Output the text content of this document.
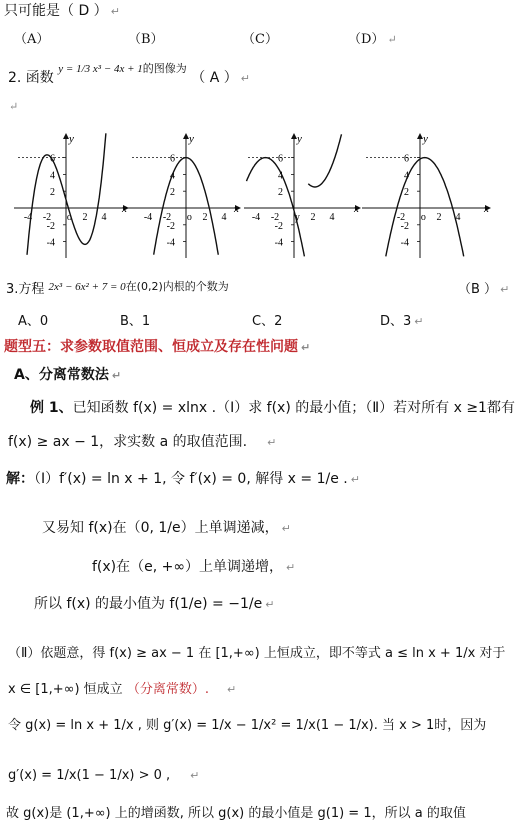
只可能是（ D ） ↵
（A）	（B）	（C）	（D） ↵
2. 函数 $^{y = 1/3 x^3 - 4x + 1的图像为}$ （ A ） ↵
↵
x
y
6
4
2
-2
-4
-4 -2 o 2 4
x
y
6
4
2
-2
-4
-4 -2 o 2 4
x
y
6
4
2
-2
-4
-4 -2 y 2 4
x
y
6
4
2
-2
-4
-2 o 2 4
3.方程 $^{2x^3 - 6x^2 + 7 = 0在(0,2)内根的个数为}$	（B ） ↵
A、0	B、1	C、2	D、3 ↵
题型五：求参数取值范围、恒成立及存在性问题 ↵
A、分离常数法 ↵
例 1、已知函数 f(x) = xlnx .（Ⅰ）求 f(x) 的最小值；（Ⅱ）若对所有 x ≥1都有
f(x) ≥ ax − 1，求实数 a 的取值范围. ↵
解：（Ⅰ）f′(x) = ln x + 1, 令 f′(x) = 0, 解得 x = 1/e . ↵
又易知 f(x)在（0, 1/e）上单调递减， ↵
f(x)在（e, +∞）上单调递增， ↵
所以 f(x) 的最小值为 f(1/e) = −1/e ↵
（Ⅱ）依题意，得 f(x) ≥ ax − 1 在 [1,+∞) 上恒成立，即不等式 a ≤ ln x + 1/x 对于
x ∈ [1,+∞) 恒成立 （分离常数）. ↵
令 g(x) = ln x + 1/x , 则 g′(x) = 1/x − 1/x² = 1/x(1 − 1/x). 当 x > 1时，因为
g′(x) = 1/x(1 − 1/x) > 0 , ↵
故 g(x)是 (1,+∞) 上的增函数, 所以 g(x) 的最小值是 g(1) = 1，所以 a 的取值
